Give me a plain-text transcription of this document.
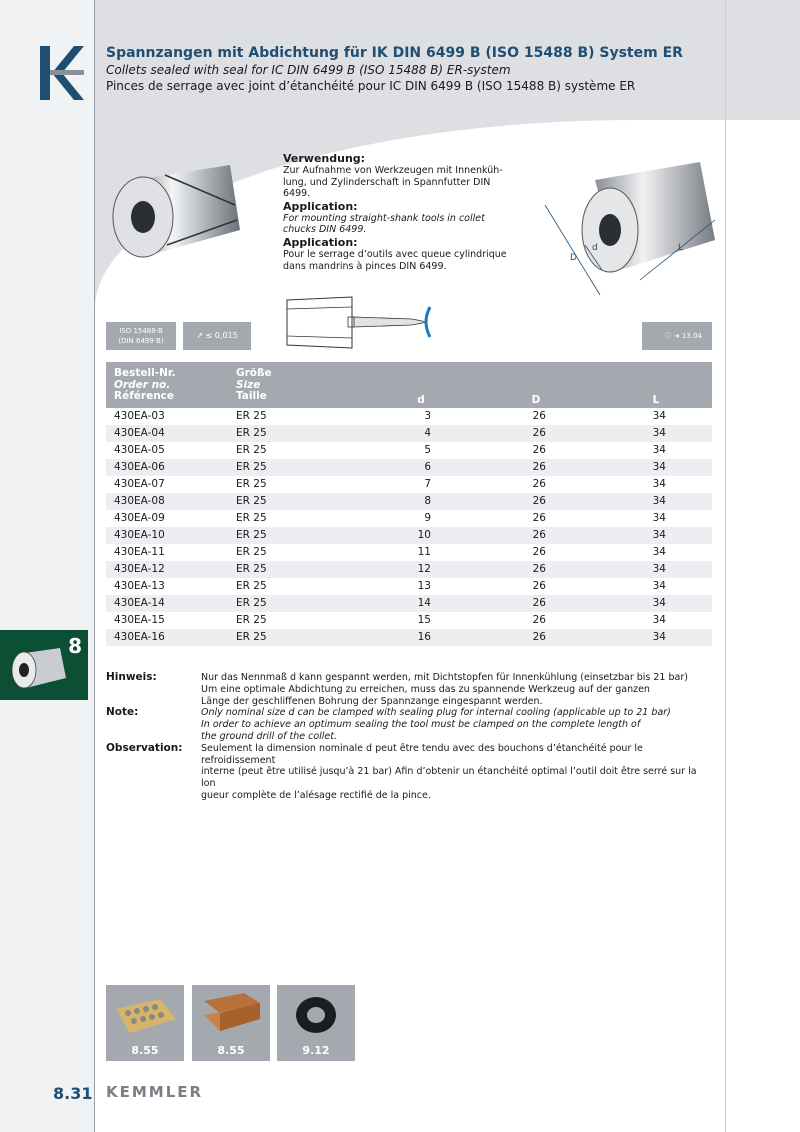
Spannzangen mit Abdichtung für IK DIN 6499 B (ISO 15488 B) System ER
Collets sealed with seal for IC DIN 6499 B (ISO 15488 B) ER-system
Pinces de serrage avec joint d’étanchéité pour IC DIN 6499 B (ISO 15488 B) système ER
Verwendung:
Zur Aufnahme von Werkzeugen mit Innenküh-lung, und Zylinderschaft in Spannfutter DIN 6499.
Application:
For mounting straight-shank tools in collet chucks DIN 6499.
Application:
Pour le serrage d’outils avec queue cylindrique dans mandrins à pinces DIN 6499.
D
d	L
ISO 15488-B
(DIN 6499 B)
↗ ≤ 0,015	ⓘ ➜ 13.04
Bestell-Nr.
Order no.
Référence
Größe
Size
Taille	d	D	L
430EA-03	ER 25	3	26	34
430EA-04	ER 25	4	26	34
430EA-05	ER 25	5	26	34
430EA-06	ER 25	6	26	34
430EA-07	ER 25	7	26	34
430EA-08	ER 25	8	26	34
430EA-09	ER 25	9	26	34
430EA-10	ER 25	10	26	34
430EA-11	ER 25	11	26	34
430EA-12	ER 25	12	26	34
430EA-13	ER 25	13	26	34
430EA-14	ER 25	14	26	34
430EA-15	ER 25	15	26	34
430EA-16	ER 25	16	26	34
8
Hinweis:	Nur das Nennmaß d kann gespannt werden, mit Dichtstopfen für Innenkühlung (einsetzbar bis 21 bar)
Um eine optimale Abdichtung zu erreichen, muss das zu spannende Werkzeug auf der ganzen
Länge der geschliffenen Bohrung der Spannzange eingespannt werden.
Note:	Only nominal size d can be clamped with sealing plug for internal cooling (applicable up to 21 bar)
In order to achieve an optimum sealing the tool must be clamped on the complete length of
the ground drill of the collet.
Observation:	Seulement la dimension nominale d peut être tendu avec des bouchons d’étanchéité pour le refroidissement
interne (peut être utilisé jusqu’à 21 bar) Afin d’obtenir un étanchéité optimal l’outil doit être serré sur la lon
gueur complète de l’alésage rectifié de la pince.
8.55	8.55	9.12
8.31 KEMMLER
